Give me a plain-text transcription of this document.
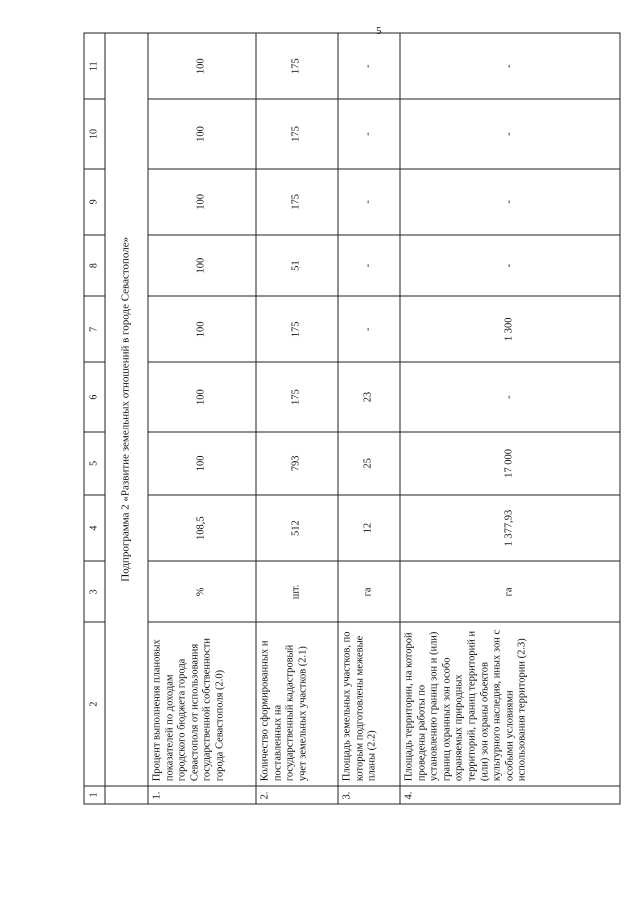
5
1	2	3	4	5	6	7	8	9	10	11
	Подпрограмма 2 «Развитие земельных отношений в городе Севастополе»									
1.	Процент выполнения плановых показателей по доходам городского бюджета города Севастополя от использования государственной собственности города Севастополя (2.0)	%	108,5	100	100	100	100	100	100	100
2.	Количество сформированных и поставленных на государственный кадастровый учет земельных участков (2.1)	шт.	512	793	175	175	51	175	175	175
3.	Площадь земельных участков, по которым подготовлены межевые планы (2.2)	га	12	25	23	-	-	-	-	-
4.	Площадь территории, на которой проведены работы по установлению границ зон и (или) границ охранных зон особо охраняемых природных территорий, границ территорий и (или) зон охраны объектов культурного наследия, иных зон с особыми условиями использования территории (2.3)	га	1 377,93	17 000	-	1 300	-	-	-	-
